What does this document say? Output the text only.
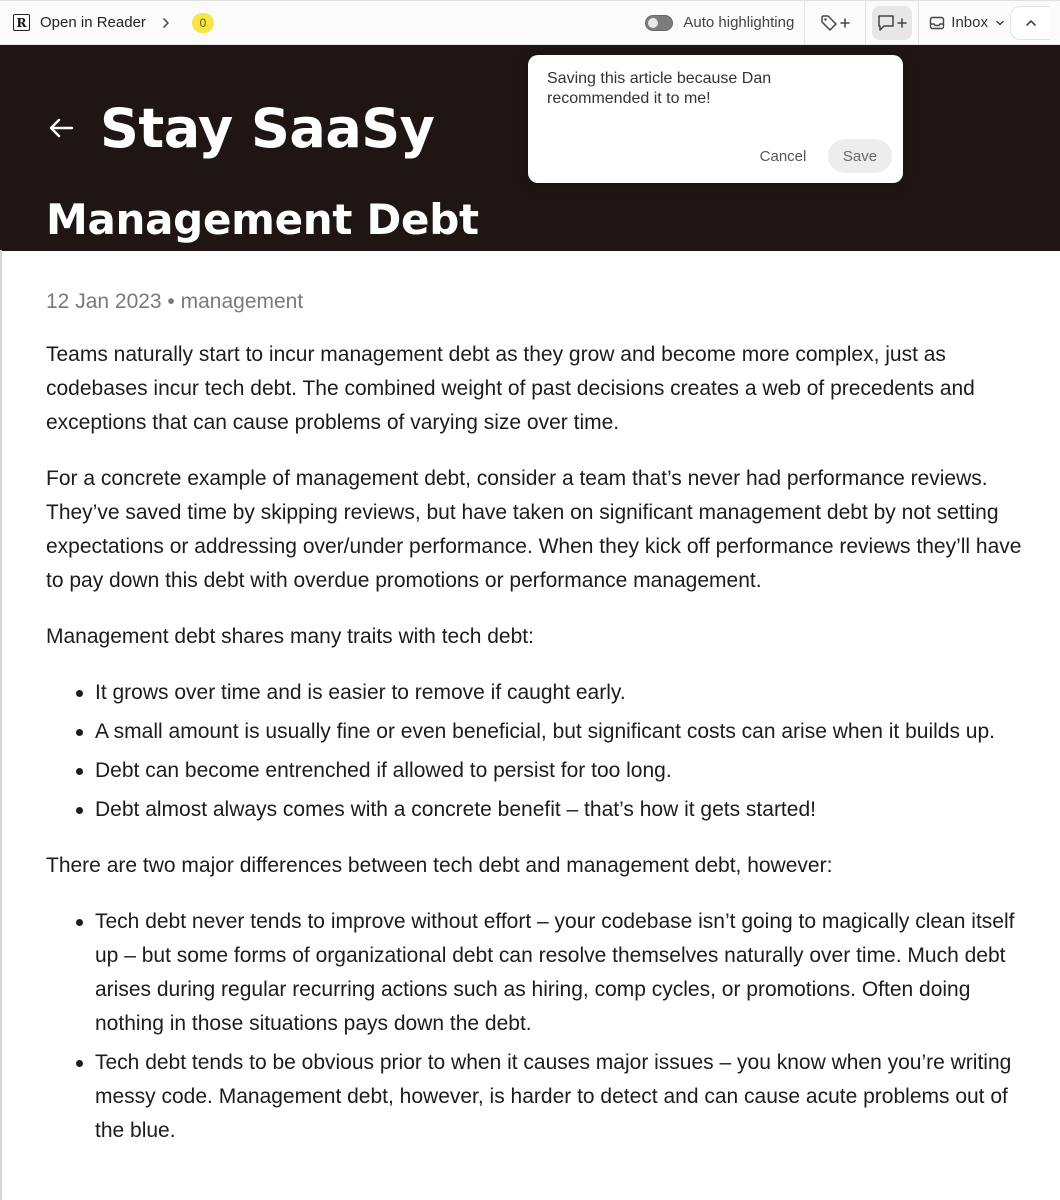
R Open in Reader	0	Auto highlighting	Inbox
Stay SaaSy
Management Debt
Saving this article because Dan recommended it to me!
Cancel	Save
12 Jan 2023 • management

Teams naturally start to incur management debt as they grow and become more complex, just as codebases incur tech debt. The combined weight of past decisions creates a web of precedents and exceptions that can cause problems of varying size over time.

For a concrete example of management debt, consider a team that’s never had performance reviews. They’ve saved time by skipping reviews, but have taken on significant management debt by not setting expectations or addressing over/under performance. When they kick off performance reviews they’ll have to pay down this debt with overdue promotions or performance management.

Management debt shares many traits with tech debt:

It grows over time and is easier to remove if caught early.
A small amount is usually fine or even beneficial, but significant costs can arise when it builds up.
Debt can become entrenched if allowed to persist for too long.
Debt almost always comes with a concrete benefit – that’s how it gets started!

There are two major differences between tech debt and management debt, however:

Tech debt never tends to improve without effort – your codebase isn’t going to magically clean itself up – but some forms of organizational debt can resolve themselves naturally over time. Much debt arises during regular recurring actions such as hiring, comp cycles, or promotions. Often doing nothing in those situations pays down the debt.
Tech debt tends to be obvious prior to when it causes major issues – you know when you’re writing messy code. Management debt, however, is harder to detect and can cause acute problems out of the blue.
